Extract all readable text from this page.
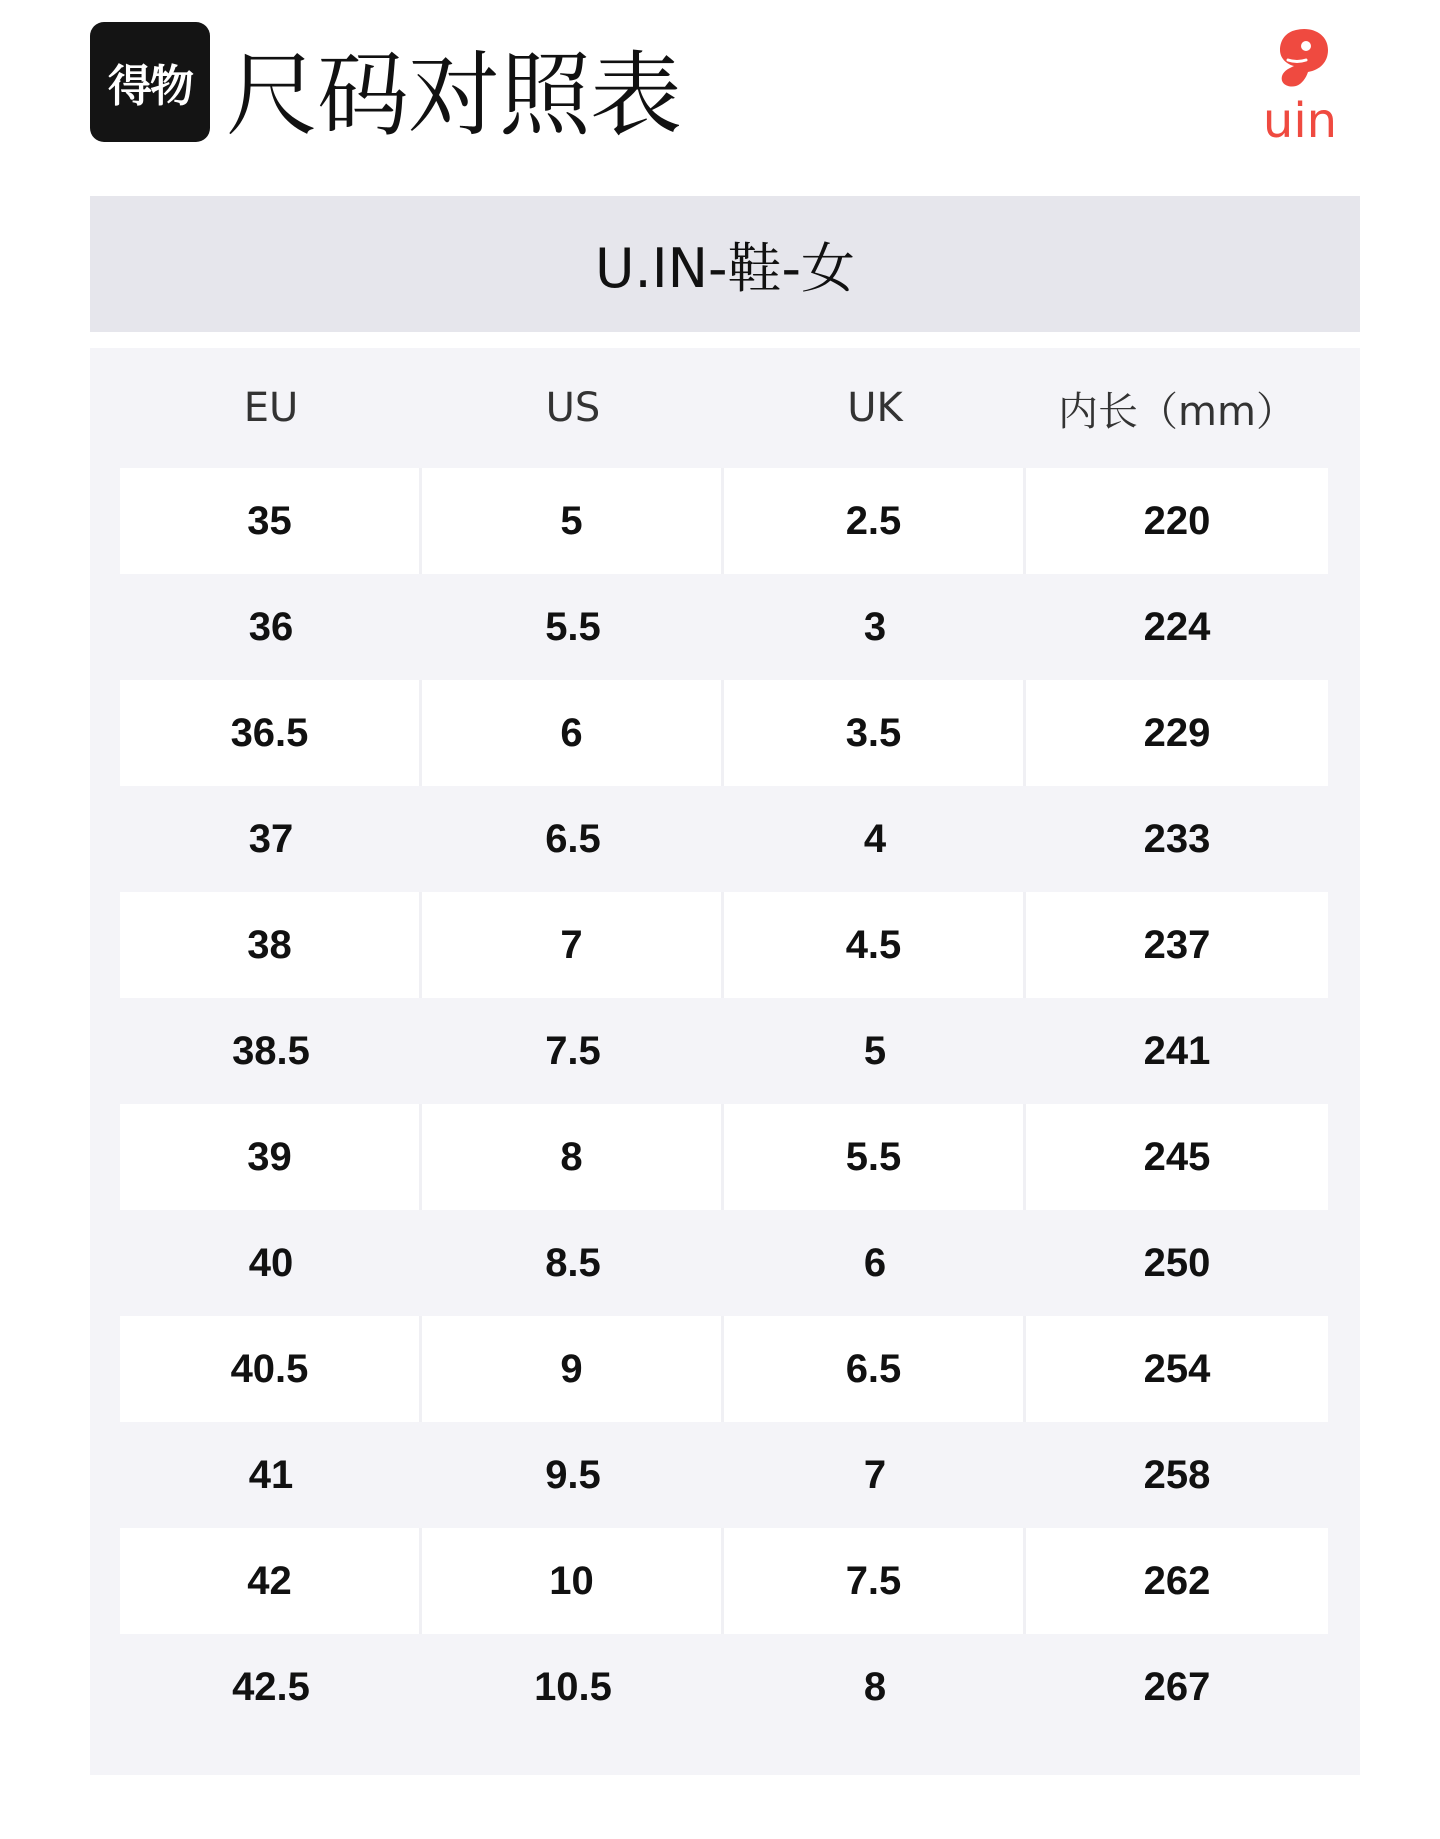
得物 尺码对照表	uin
U.IN-鞋-女
EU	US	UK	内长（mm）
35	5	2.5	220
36	5.5	3	224
36.5	6	3.5	229
37	6.5	4	233
38	7	4.5	237
38.5	7.5	5	241
39	8	5.5	245
40	8.5	6	250
40.5	9	6.5	254
41	9.5	7	258
42	10	7.5	262
42.5	10.5	8	267
